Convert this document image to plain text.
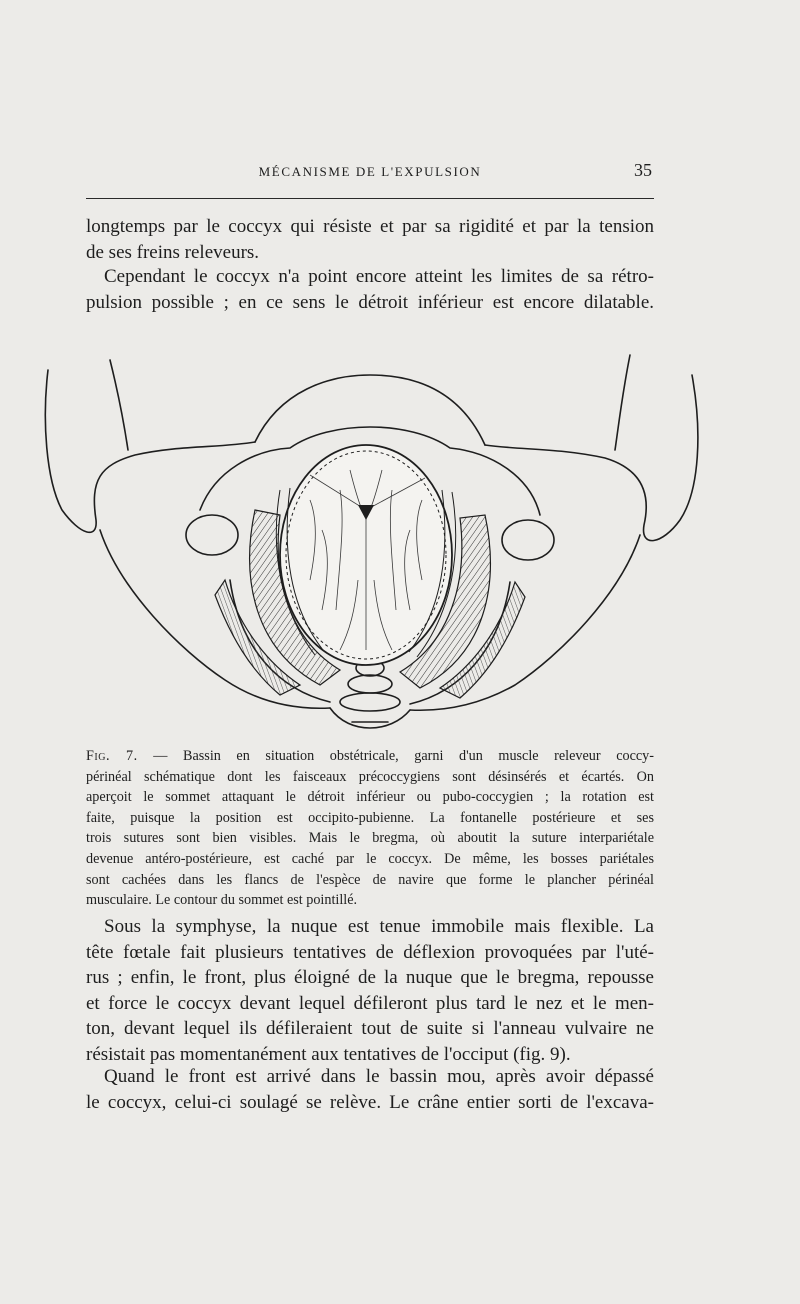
MÉCANISME DE L'EXPULSION	35

longtemps par le coccyx qui résiste et par sa rigidité et par la tension
de ses freins releveurs.

Cependant le coccyx n'a point encore atteint les limites de sa rétro-
pulsion possible ; en ce sens le détroit inférieur est encore dilatable.

Fig. 7. — Bassin en situation obstétricale, garni d'un muscle releveur coccy-
périnéal schématique dont les faisceaux précoccygiens sont désinsérés et écartés. On
aperçoit le sommet attaquant le détroit inférieur ou pubo-coccygien ; la rotation est
faite, puisque la position est occipito-pubienne. La fontanelle postérieure et ses
trois sutures sont bien visibles. Mais le bregma, où aboutit la suture interpariétale
devenue antéro-postérieure, est caché par le coccyx. De même, les bosses pariétales
sont cachées dans les flancs de l'espèce de navire que forme le plancher périnéal
musculaire. Le contour du sommet est pointillé.

Sous la symphyse, la nuque est tenue immobile mais flexible. La
tête fœtale fait plusieurs tentatives de déflexion provoquées par l'uté-
rus ; enfin, le front, plus éloigné de la nuque que le bregma, repousse
et force le coccyx devant lequel défileront plus tard le nez et le men-
ton, devant lequel ils défileraient tout de suite si l'anneau vulvaire ne
résistait pas momentanément aux tentatives de l'occiput (fig. 9).

Quand le front est arrivé dans le bassin mou, après avoir dépassé
le coccyx, celui-ci soulagé se relève. Le crâne entier sorti de l'excava-
